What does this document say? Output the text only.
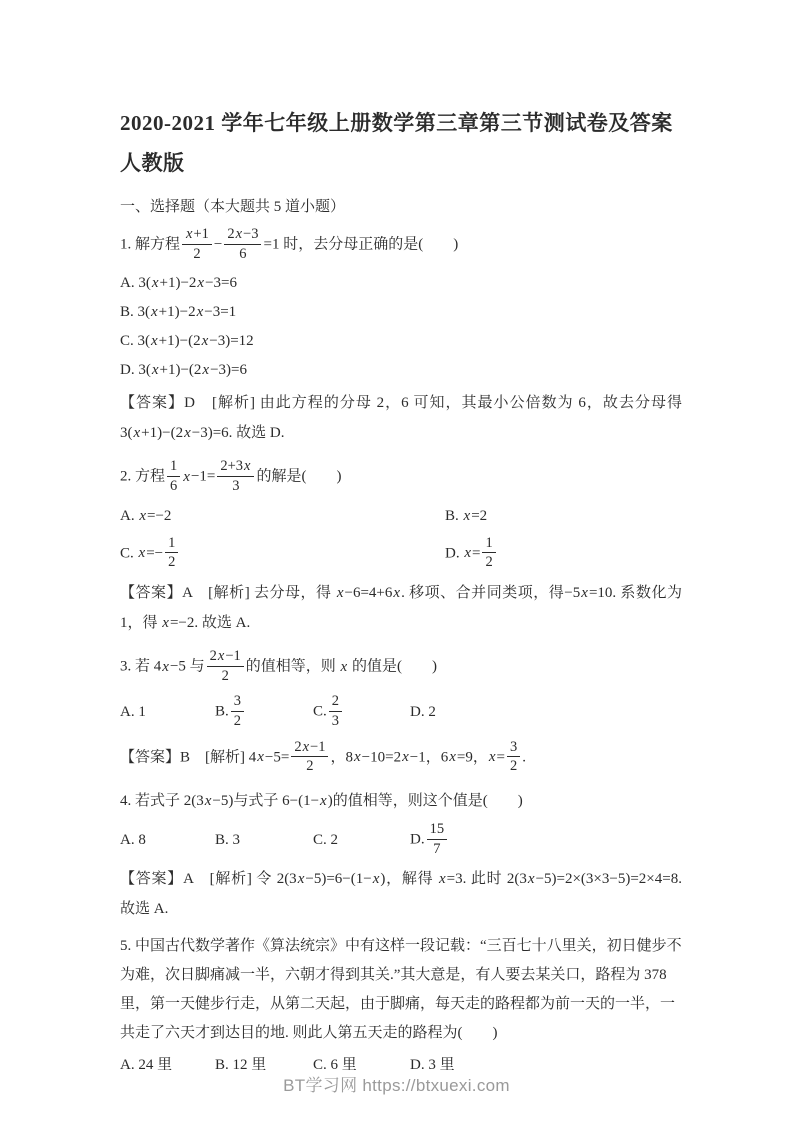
2020-2021 学年七年级上册数学第三章第三节测试卷及答案人教版
一、选择题（本大题共 5 道小题）
1. 解方程 $\frac{x+1}{2} - \frac{2x-3}{6} =1$ 时，去分母正确的是(　　)
A. 3(x+1)−2x−3=6
B. 3(x+1)−2x−3=1
C. 3(x+1)−(2x−3)=12
D. 3(x+1)−(2x−3)=6
【答案】D　[解析] 由此方程的分母 2，6 可知，其最小公倍数为 6，故去分母得 3(x+1)−(2x−3)=6. 故选 D.
2. 方程 $\frac{1}{6} x-1= \frac{2+3x}{3}$ 的解是(　　)
A. x=−2	B. x=2
C. $x=- \frac{1}{2}$	D. $x= \frac{1}{2}$
【答案】A　[解析] 去分母，得 x−6=4+6x. 移项、合并同类项，得−5x=10. 系数化为 1，得 x=−2. 故选 A.
3. 若 4x−5 与 $\frac{2x-1}{2}$ 的值相等，则 x 的值是(　　)
A. 1	B. $\frac{3}{2}$	C. $\frac{2}{3}$	D. 2
【答案】B　[解析] $4x-5= \frac{2x-1}{2}$ ，8x−10=2x−1，6x=9，$x= \frac{3}{2}$ .
4. 若式子 2(3x−5)与式子 6−(1−x)的值相等，则这个值是(　　)
A. 8	B. 3	C. 2	D. $\frac{15}{7}$
【答案】A　[解析] 令 2(3x−5)=6−(1−x)，解得 x=3. 此时 2(3x−5)=2×(3×3−5)=2×4=8. 故选 A.
5. 中国古代数学著作《算法统宗》中有这样一段记载：“三百七十八里关，初日健步不为难，次日脚痛减一半，六朝才得到其关.”其大意是，有人要去某关口，路程为 378 里，第一天健步行走，从第二天起，由于脚痛，每天走的路程都为前一天的一半，一共走了六天才到达目的地. 则此人第五天走的路程为(　　)
A. 24 里	B. 12 里	C. 6 里	D. 3 里
BT学习网 https://btxuexi.com
